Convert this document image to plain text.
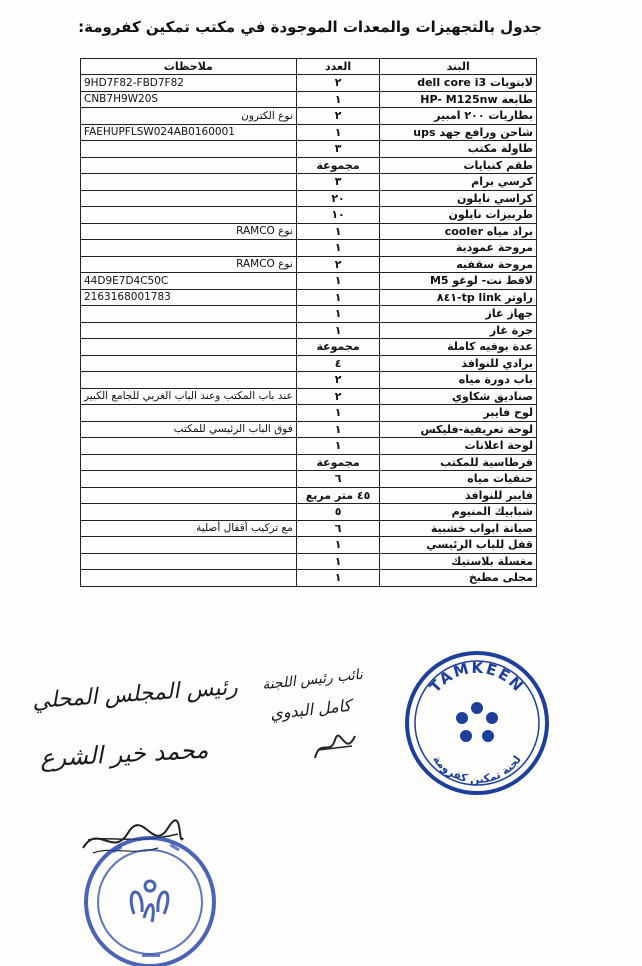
جدول بالتجهيزات والمعدات الموجودة في مكتب تمكين كفرومة:
البند	العدد	ملاحظات
لابتوبات dell core i3	٢	9HD7F82-FBD7F82
طابعة HP- M125nw	١	CNB7H9W20S
بطاريات ٢٠٠ امبير	٢	نوع الكترون
شاحن ورافع جهد ups	١	FAEHUPFLSW024AB0160001
طاولة مكتب	٣	
طقم كنبايات	مجموعة	
كرسي برام	٣	
كراسي نايلون	٢٠	
طربيزات نايلون	١٠	
براد مياه cooler	١	نوع RAMCO
مروحة عمودية	١	
مروحة سقفيه	٢	نوع RAMCO
لاقط نت- لوغو M5	١	44D9E7D4C50C
راوتر tp link-٨٤١	١	2163168001783
جهاز غاز	١	
جرة غاز	١	
عدة بوفيه كاملة	مجموعة	
برادي للنوافذ	٤	
باب دورة مياه	٢	
صناديق شكاوي	٢	عند باب المكتب وعند الباب الغربي للجامع الكبير
لوح فايبر	١	
لوحة تعريفية-فليكس	١	فوق الباب الرئيسي للمكتب
لوحة اعلانات	١	
قرطاسية للمكتب	مجموعة	
حنفيات مياه	٦	
فايبر للنوافذ	٤٥ متر مربع	
شبابيك المنيوم	٥	
صيانة ابواب خشبية	٦	مع تركيب أقفال أصلية
قفل للباب الرئيسي	١	
مغسلة بلاستيك	١	
مجلى مطبخ	١	
رئيس المجلس المحلي
محمد خير الشرع
نائب رئيس اللجنة
كامل البدوي
TAMKEEN
لجنة تمكين كفرومة
